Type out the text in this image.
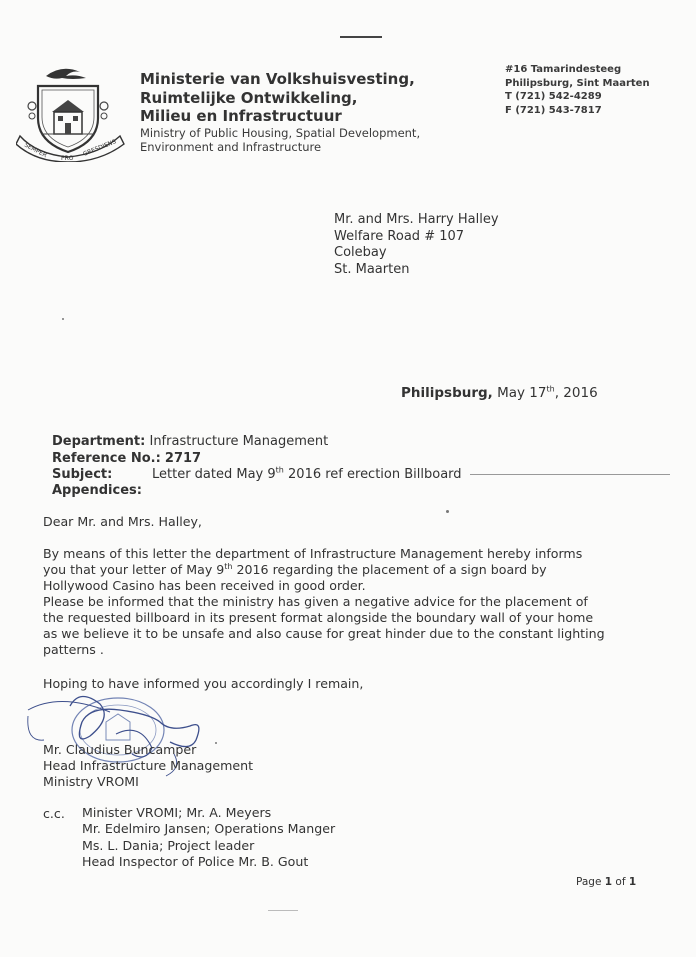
SEMPER PRO
GRESDIENS
Ministerie van Volkshuisvesting,
Ruimtelijke Ontwikkeling,
Milieu en Infrastructuur
Ministry of Public Housing, Spatial Development,
Environment and Infrastructure
#16 Tamarindesteeg
Philipsburg, Sint Maarten
T (721) 542-4289
F (721) 543-7817
Mr. and Mrs. Harry Halley
Welfare Road # 107
Colebay
St. Maarten
Philipsburg, May 17th, 2016
Department: Infrastructure Management
Reference No.: 2717
Subject:	Letter dated May 9th 2016 ref erection Billboard
Appendices:
Dear Mr. and Mrs. Halley,
By means of this letter the department of Infrastructure Management hereby informs
you that your letter of May 9th 2016 regarding the placement of a sign board by
Hollywood Casino has been received in good order.
Please be informed that the ministry has given a negative advice for the placement of
the requested billboard in its present format alongside the boundary wall of your home
as we believe it to be unsafe and also cause for great hinder due to the constant lighting
patterns .
Hoping to have informed you accordingly I remain,
Mr. Claudius Buncamper
Head Infrastructure Management
Ministry VROMI
c.c. Minister VROMI; Mr. A. Meyers
Mr. Edelmiro Jansen; Operations Manger
Ms. L. Dania; Project leader
Head Inspector of Police Mr. B. Gout
Page 1 of 1
